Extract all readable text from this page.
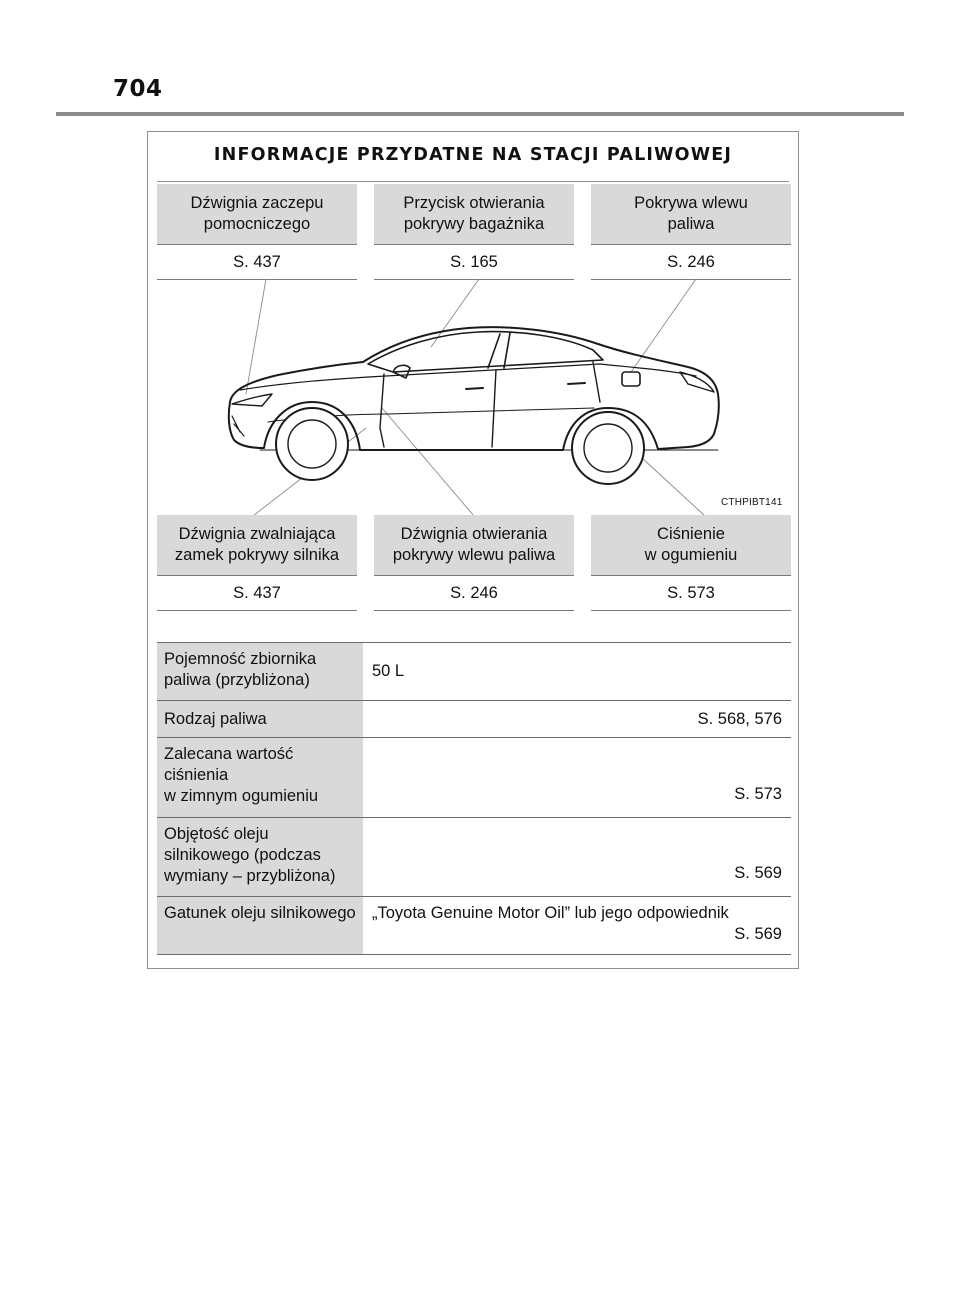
704
INFORMACJE PRZYDATNE NA STACJI PALIWOWEJ
Dźwignia zaczepu
pomocniczego
S. 437
Przycisk otwierania
pokrywy bagażnika
S. 165
Pokrywa wlewu
paliwa
S. 246
CTHPIBT141
Dźwignia zwalniająca
zamek pokrywy silnika
S. 437
Dźwignia otwierania
pokrywy wlewu paliwa
S. 246
Ciśnienie
w ogumieniu
S. 573
Pojemność zbiornika paliwa (przybliżona)	50 L
Rodzaj paliwa	S. 568, 576
Zalecana wartość ciśnienia
w zimnym ogumieniu	S. 573
Objętość oleju silnikowego (podczas wymiany – przybliżona)	S. 569
Gatunek oleju silnikowego	„Toyota Genuine Motor Oil” lub jego odpowiednik
S. 569
